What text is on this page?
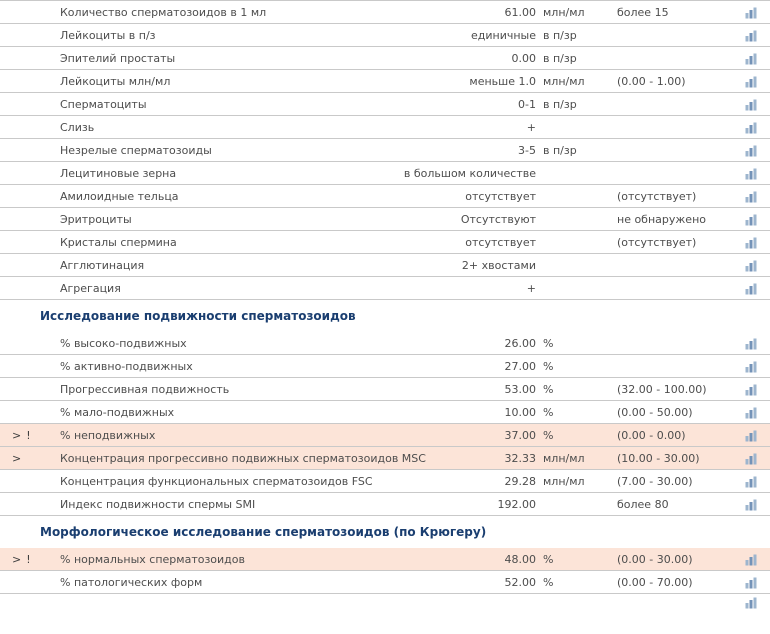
Количество сперматозоидов в 1 мл	61.00 млн/мл	более 15
Лейкоциты в п/з	единичные в п/зр
Эпителий простаты	0.00 в п/зр
Лейкоциты млн/мл	меньше 1.0 млн/мл	(0.00 - 1.00)
Сперматоциты	0-1 в п/зр
Слизь	+
Незрелые сперматозоиды	3-5 в п/зр
Лецитиновые зерна	в большом количестве
Амилоидные тельца	отсутствует	(отсутствует)
Эритроциты	Отсутствуют	не обнаружено
Кристалы спермина	отсутствует	(отсутствует)
Агглютинация	2+ хвостами
Агрегация	+
Исследование подвижности сперматозоидов
% высоко-подвижных	26.00 %
% активно-подвижных	27.00 %
Прогрессивная подвижность	53.00 %	(32.00 - 100.00)
% мало-подвижных	10.00 %	(0.00 - 50.00)
>!	% неподвижных	37.00 %	(0.00 - 0.00)
>	Концентрация прогрессивно подвижных сперматозоидов MSC	32.33 млн/мл	(10.00 - 30.00)
Концентрация функциональных сперматозоидов FSC	29.28 млн/мл	(7.00 - 30.00)
Индекс подвижности спермы SMI	192.00	более 80
Морфологическое исследование сперматозоидов (по Крюгеру)
>!	% нормальных сперматозоидов	48.00 %	(0.00 - 30.00)
% патологических форм	52.00 %	(0.00 - 70.00)
